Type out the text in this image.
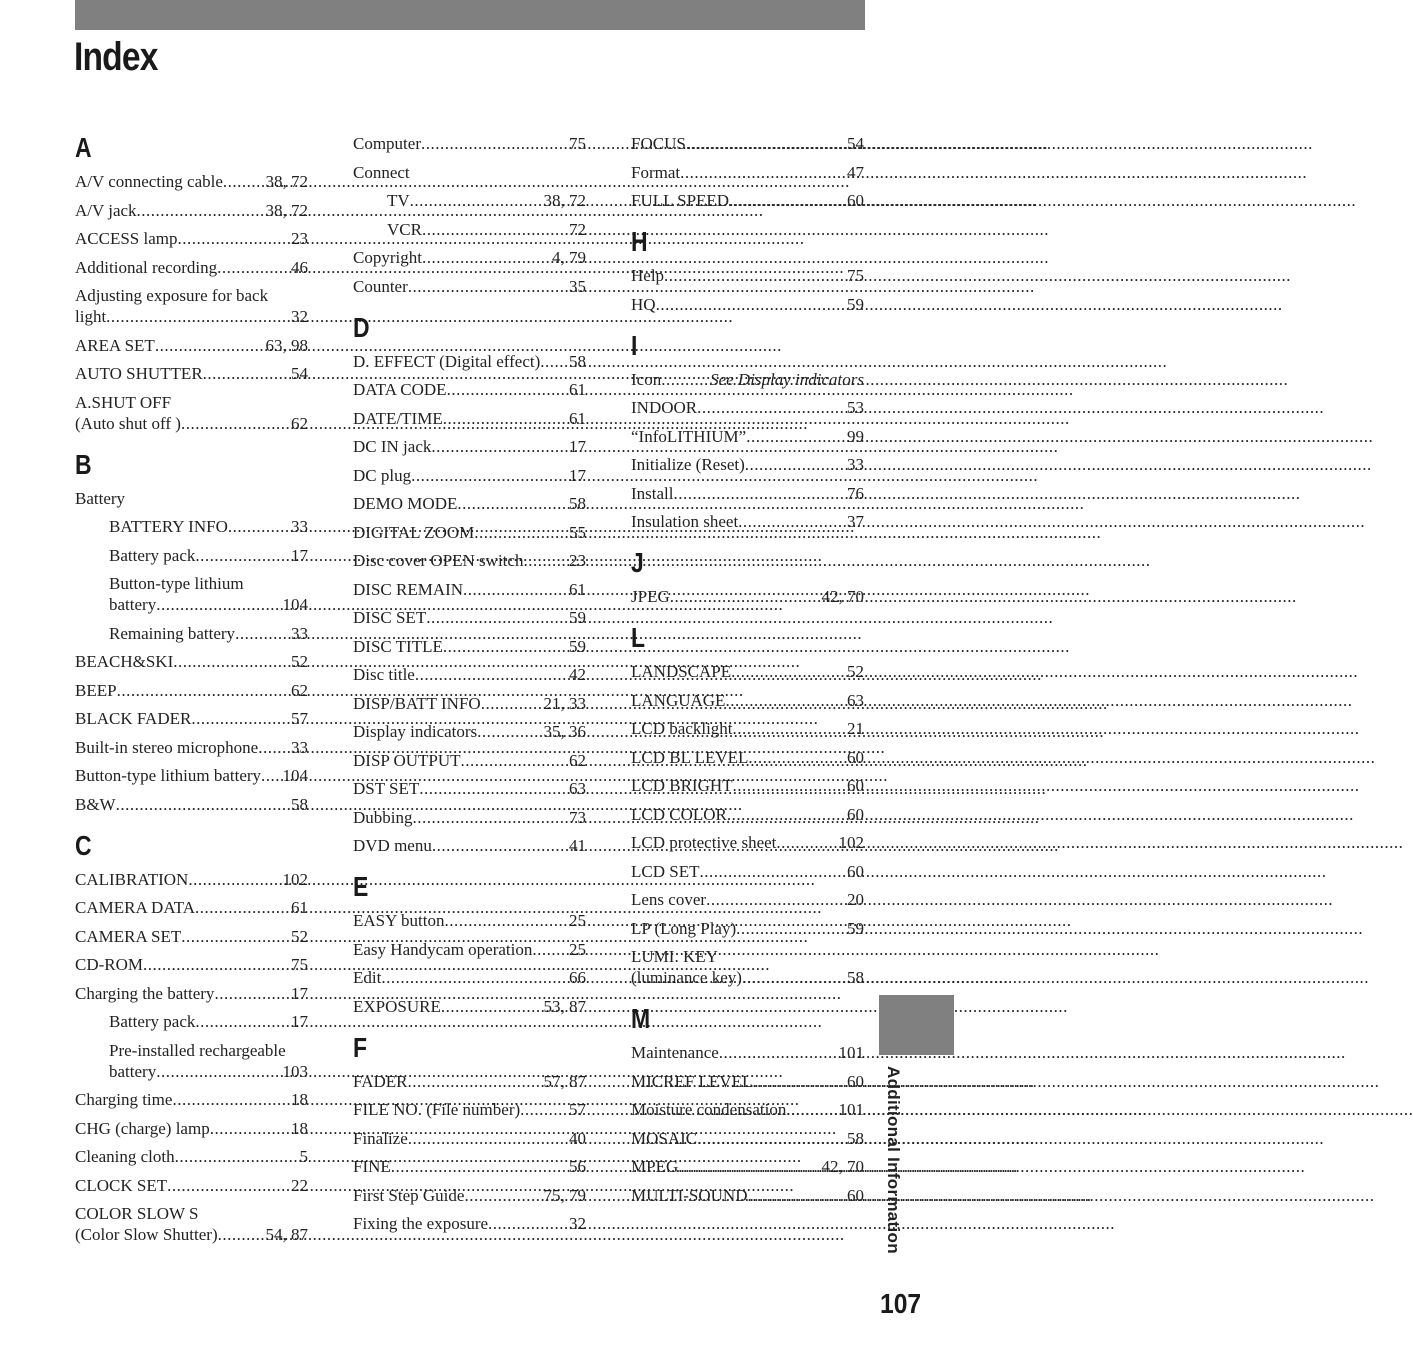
Index
A
A/V connecting cable .....	38, 72
A/V jack .....	38, 72
ACCESS lamp .....	23
Additional recording .....	46
Adjusting exposure for back
light .....	32
AREA SET .....	63, 98
AUTO SHUTTER .....	54
A.SHUT OFF
(Auto shut off ) .....	62
B
Battery
BATTERY INFO .....	33
Battery pack .....	17
Button-type lithium
battery .....	104
Remaining battery .....	33
BEACH&SKI .....	52
BEEP .....	62
BLACK FADER .....	57
Built-in stereo microphone ..... 33
Button-type lithium battery ..... 104
B&W .....	58
C
CALIBRATION .....	102
CAMERA DATA .....	61
CAMERA SET .....	52
CD-ROM .....	75
Charging the battery .....	17
Battery pack .....	17
Pre-installed rechargeable
battery .....	103
Charging time .....	18
CHG (charge) lamp .....	18
Cleaning cloth .....	5
CLOCK SET .....	22
COLOR SLOW S
(Color Slow Shutter) .....	54, 87
Computer .....	75
Connect
TV .....	38, 72
VCR .....	72
Copyright .....	4, 79
Counter .....	35
D
D. EFFECT (Digital effect) ..... 58
DATA CODE .....	61
DATE/TIME .....	61
DC IN jack .....	17
DC plug .....	17
DEMO MODE .....	58
DIGITAL ZOOM .....	55
Disc cover OPEN switch .....	23
DISC REMAIN .....	61
DISC SET .....	59
DISC TITLE .....	59
Disc title .....	42
DISP/BATT INFO .....	21, 33
Display indicators .....	35, 36
DISP OUTPUT .....	62
DST SET .....	63
Dubbing .....	73
DVD menu .....	41
E
EASY button .....	25
Easy Handycam operation ..... 25
Edit .....	66
EXPOSURE .....	53, 87
F
FADER .....	57, 87
FILE NO. (File number) .....	57
Finalize .....	40
FINE .....	56
First Step Guide .....	75, 79
Fixing the exposure .....	32
FOCUS .....	54
Format .....	47
FULL SPEED .....	60
H
Help .....	75
HQ .....	59
I
Icon .....	See Display indicators
INDOOR .....	53
“InfoLITHIUM” .....	99
Initialize (Reset) .....	33
Install .....	76
Insulation sheet .....	37
J
JPEG .....	42, 70
L
LANDSCAPE .....	52
LANGUAGE .....	63
LCD backlight .....	21
LCD BL LEVEL .....	60
LCD BRIGHT .....	60
LCD COLOR .....	60
LCD protective sheet .....	102
LCD SET .....	60
Lens cover .....	20
LP (Long Play) .....	59
LUMI. KEY
(luminance key) .....	58
M
Maintenance .....	101
MICREF LEVEL .....	60
Moisture condensation .....	101
MOSAIC .....	58
MPEG .....	42, 70
MULTI-SOUND .....	60 Additional Information
107
